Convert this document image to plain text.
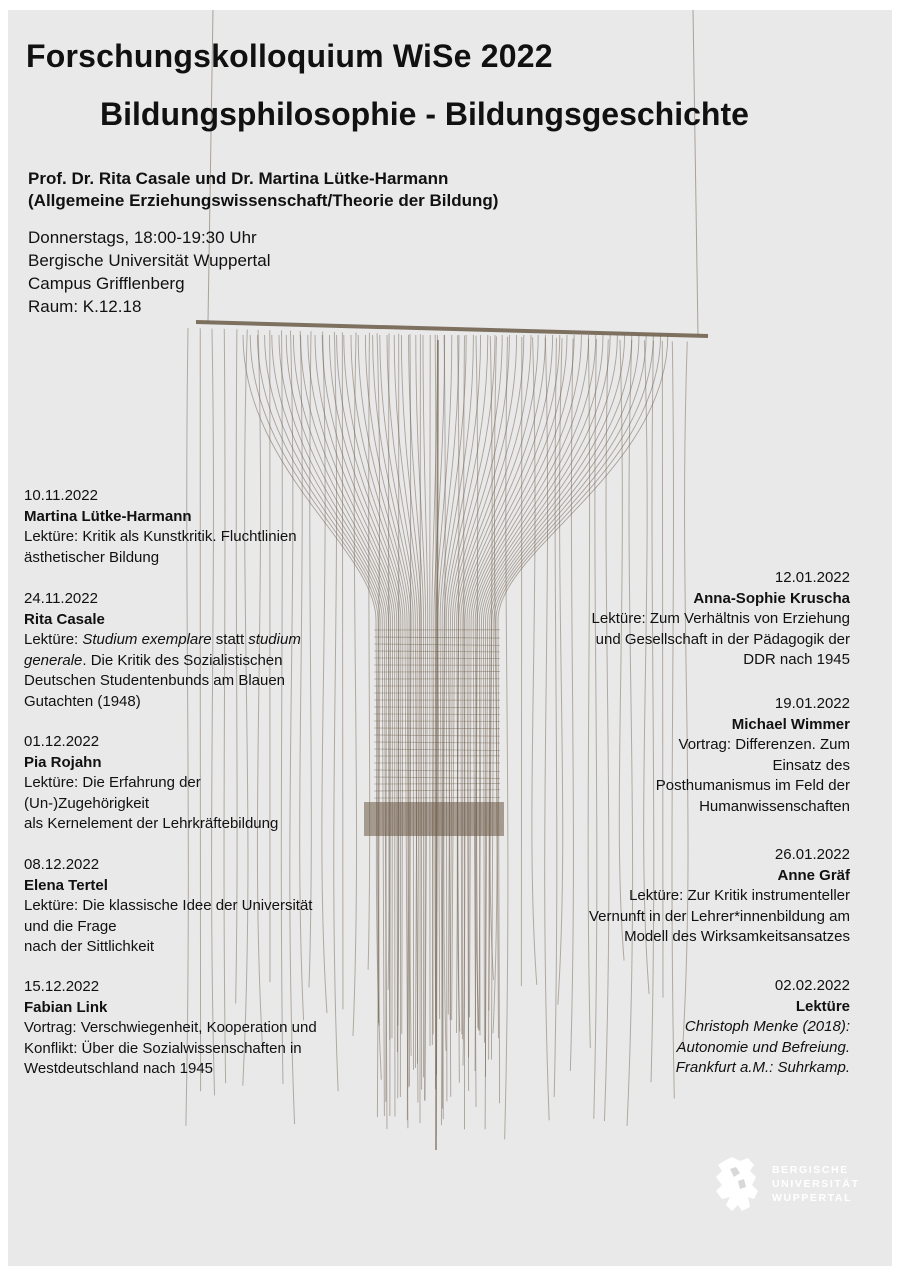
Forschungskolloquium WiSe 2022
Bildungsphilosophie - Bildungsgeschichte
Prof. Dr. Rita Casale und Dr. Martina Lütke-Harmann
(Allgemeine Erziehungswissenschaft/Theorie der Bildung)
Donnerstags, 18:00-19:30 Uhr
Bergische Universität Wuppertal
Campus Grifflenberg
Raum: K.12.18
10.11.2022
Martina Lütke-Harmann
Lektüre: Kritik als Kunstkritik. Fluchtlinien
ästhetischer Bildung
24.11.2022
Rita Casale
Lektüre: Studium exemplare statt studium
generale. Die Kritik des Sozialistischen
Deutschen Studentenbunds am Blauen
Gutachten (1948)
01.12.2022
Pia Rojahn
Lektüre: Die Erfahrung der
(Un-)Zugehörigkeit
als Kernelement der Lehrkräftebildung
08.12.2022
Elena Tertel
Lektüre: Die klassische Idee der Universität
und die Frage
nach der Sittlichkeit
15.12.2022
Fabian Link
Vortrag: Verschwiegenheit, Kooperation und
Konflikt: Über die Sozialwissenschaften in
Westdeutschland nach 1945
12.01.2022
Anna-Sophie Kruscha
Lektüre: Zum Verhältnis von Erziehung
und Gesellschaft in der Pädagogik der
DDR nach 1945
19.01.2022
Michael Wimmer
Vortrag: Differenzen. Zum
Einsatz des
Posthumanismus im Feld der
Humanwissenschaften
26.01.2022
Anne Gräf
Lektüre: Zur Kritik instrumenteller
Vernunft in der Lehrer*innenbildung am
Modell des Wirksamkeitsansatzes
02.02.2022
Lektüre
Christoph Menke (2018):
Autonomie und Befreiung.
Frankfurt a.M.: Suhrkamp.
BERGISCHE
UNIVERSITÄT
WUPPERTAL
